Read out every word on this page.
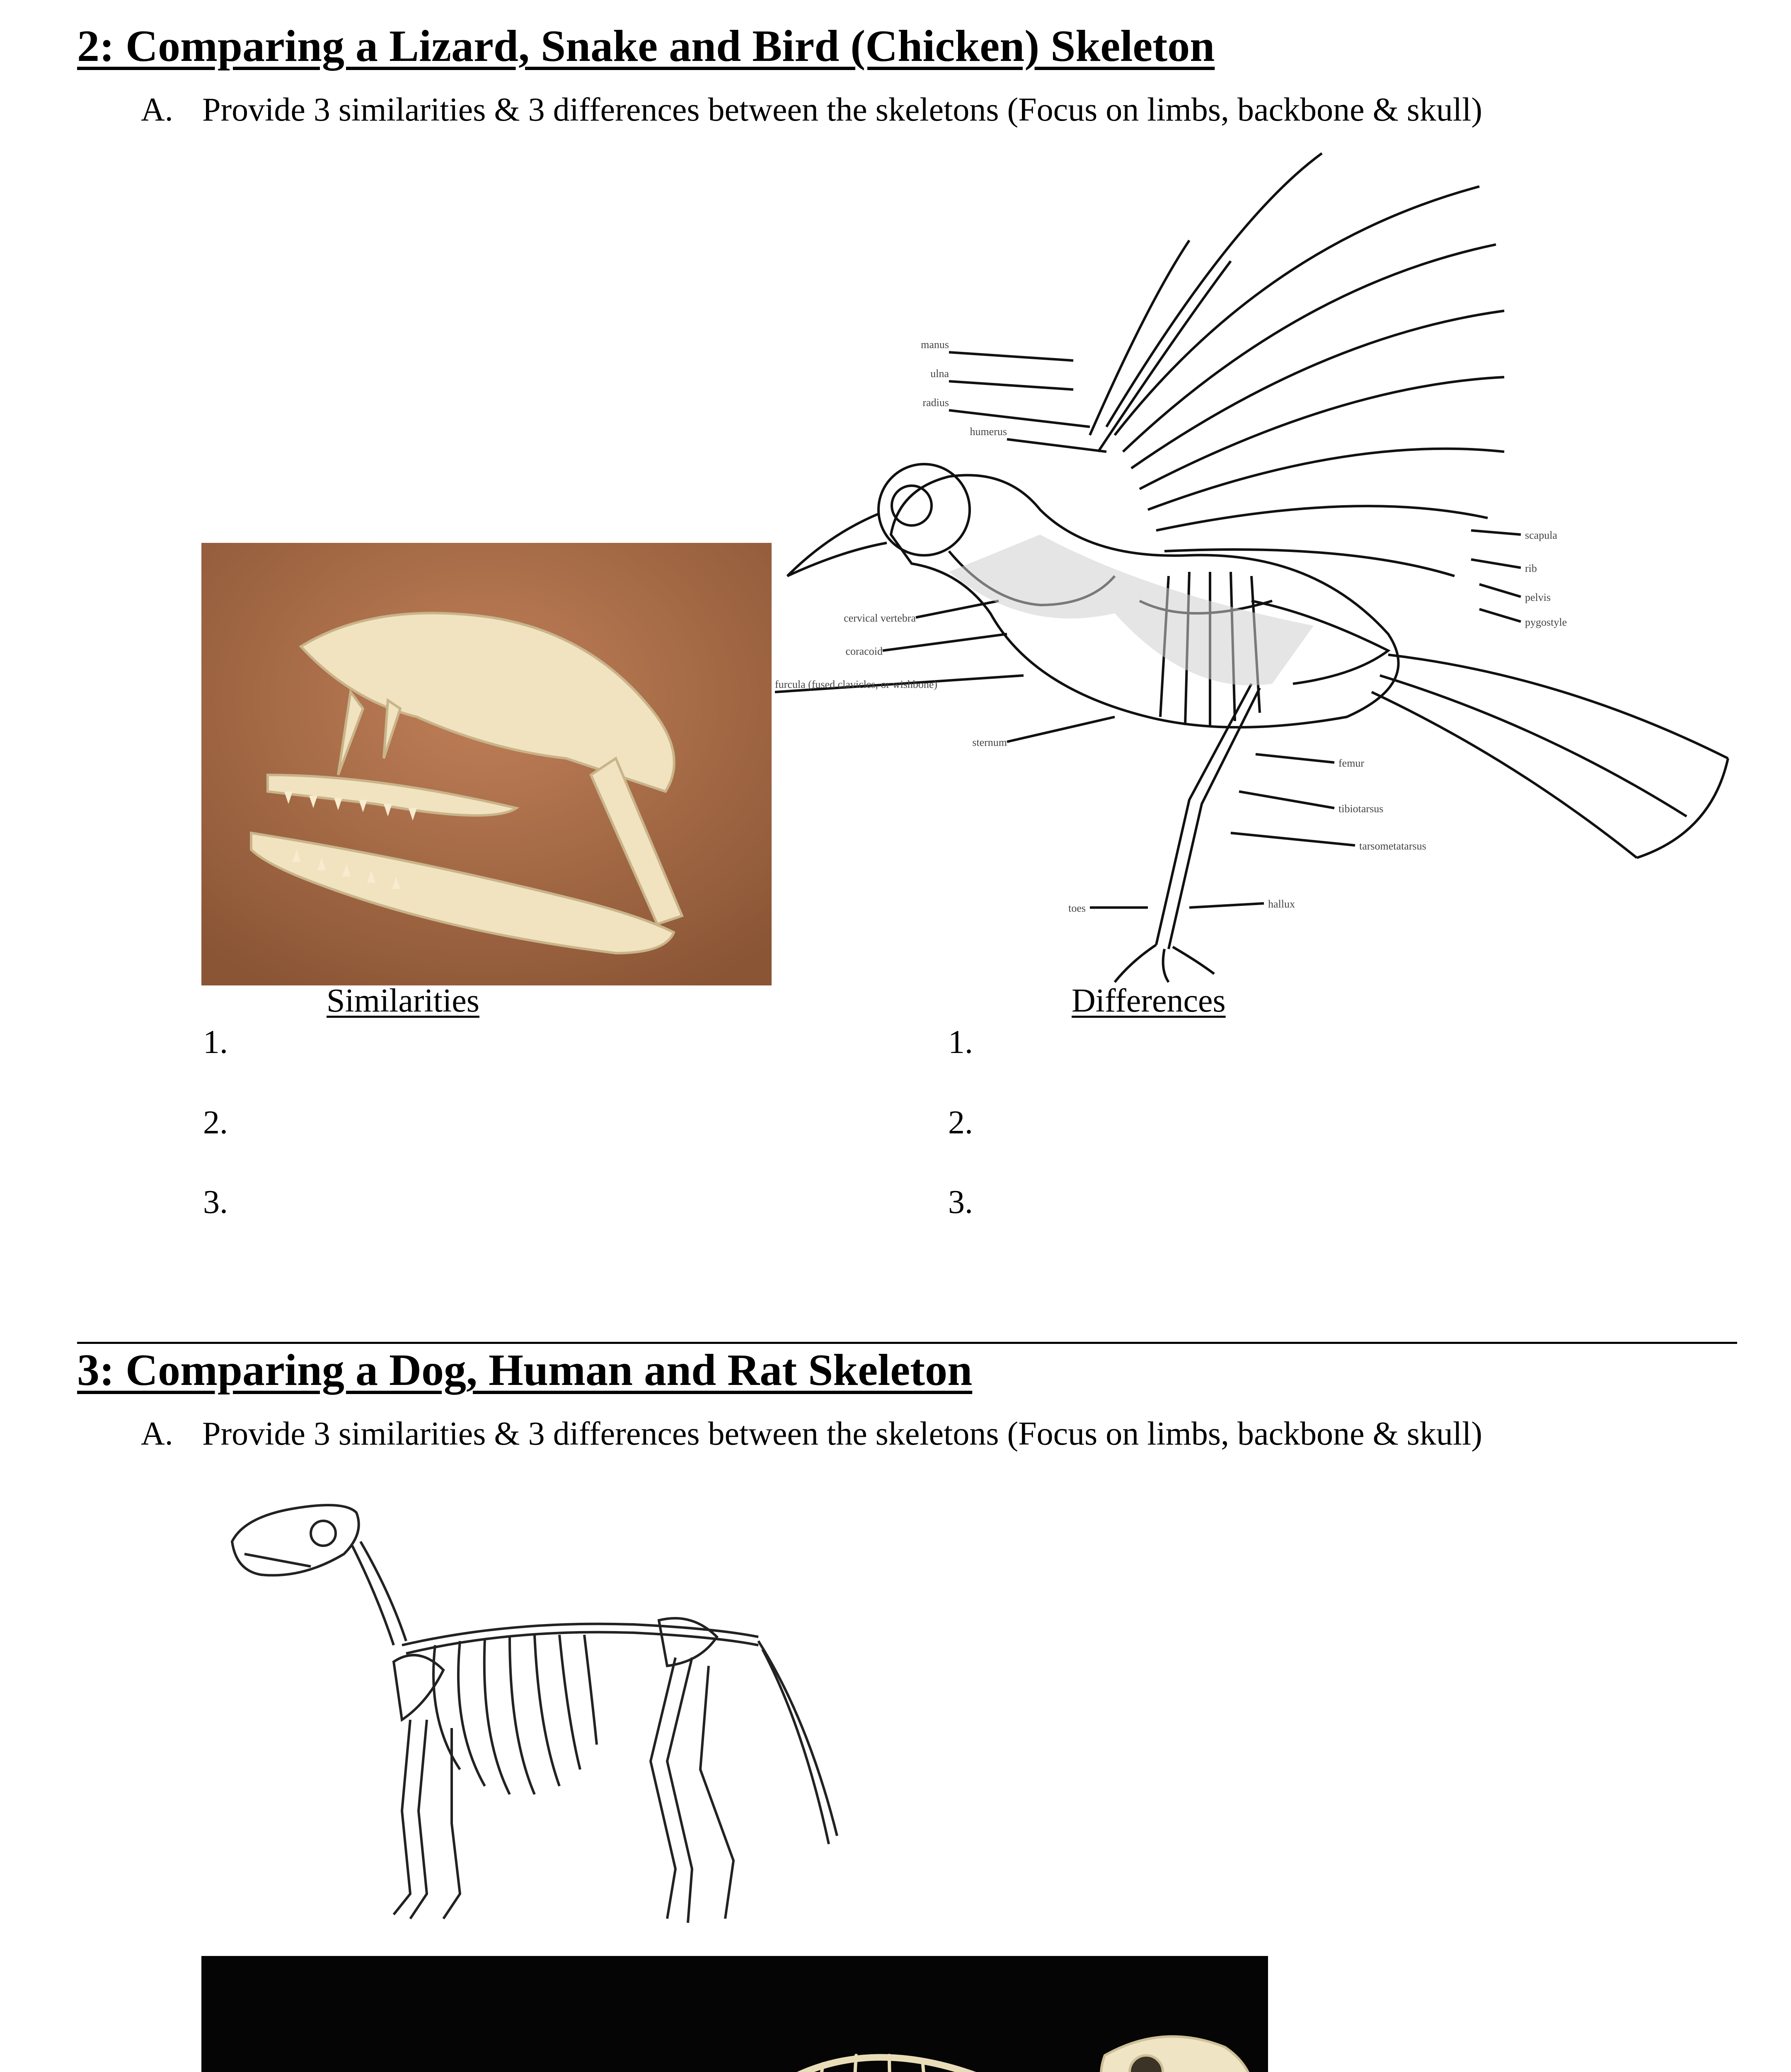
2: Comparing a Lizard, Snake and Bird (Chicken) Skeleton
A. Provide 3 similarities & 3 differences between the skeletons (Focus on limbs, backbone & skull)
manus
ulna
radius
humerus
cervical vertebra
coracoid
furcula (fused clavicles, or wishbone)
sternum
scapula
rib
pelvis
pygostyle
femur
tibiotarsus
tarsometatarsus
toes	hallux
Similarities	Differences
1.
2.
3.
1.
2.
3.
3: Comparing a Dog, Human and Rat Skeleton
A. Provide 3 similarities & 3 differences between the skeletons (Focus on limbs, backbone & skull)
